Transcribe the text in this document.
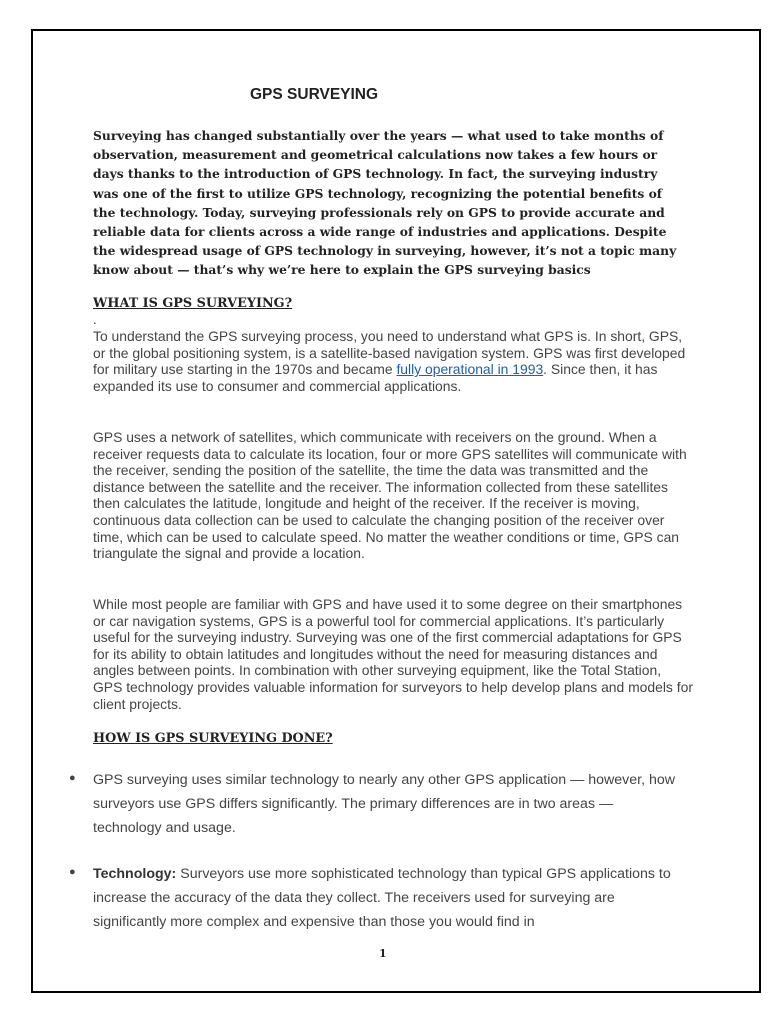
GPS SURVEYING

Surveying has changed substantially over the years — what used to take months of observation, measurement and geometrical calculations now takes a few hours or days thanks to the introduction of GPS technology. In fact, the surveying industry was one of the first to utilize GPS technology, recognizing the potential benefits of the technology. Today, surveying professionals rely on GPS to provide accurate and reliable data for clients across a wide range of industries and applications. Despite the widespread usage of GPS technology in surveying, however, it’s not a topic many know about — that’s why we’re here to explain the GPS surveying basics

WHAT IS GPS SURVEYING?
.

To understand the GPS surveying process, you need to understand what GPS is. In short, GPS, or the global positioning system, is a satellite-based navigation system. GPS was first developed for military use starting in the 1970s and became fully operational in 1993. Since then, it has expanded its use to consumer and commercial applications.

GPS uses a network of satellites, which communicate with receivers on the ground. When a receiver requests data to calculate its location, four or more GPS satellites will communicate with the receiver, sending the position of the satellite, the time the data was transmitted and the distance between the satellite and the receiver. The information collected from these satellites then calculates the latitude, longitude and height of the receiver. If the receiver is moving, continuous data collection can be used to calculate the changing position of the receiver over time, which can be used to calculate speed. No matter the weather conditions or time, GPS can triangulate the signal and provide a location.

While most people are familiar with GPS and have used it to some degree on their smartphones or car navigation systems, GPS is a powerful tool for commercial applications. It’s particularly useful for the surveying industry. Surveying was one of the first commercial adaptations for GPS for its ability to obtain latitudes and longitudes without the need for measuring distances and angles between points. In combination with other surveying equipment, like the Total Station, GPS technology provides valuable information for surveyors to help develop plans and models for client projects.

HOW IS GPS SURVEYING DONE?
●	GPS surveying uses similar technology to nearly any other GPS application — however, how surveyors use GPS differs significantly. The primary differences are in two areas — technology and usage.

●	Technology: Surveyors use more sophisticated technology than typical GPS applications to increase the accuracy of the data they collect. The receivers used for surveying are significantly more complex and expensive than those you would find in

1
